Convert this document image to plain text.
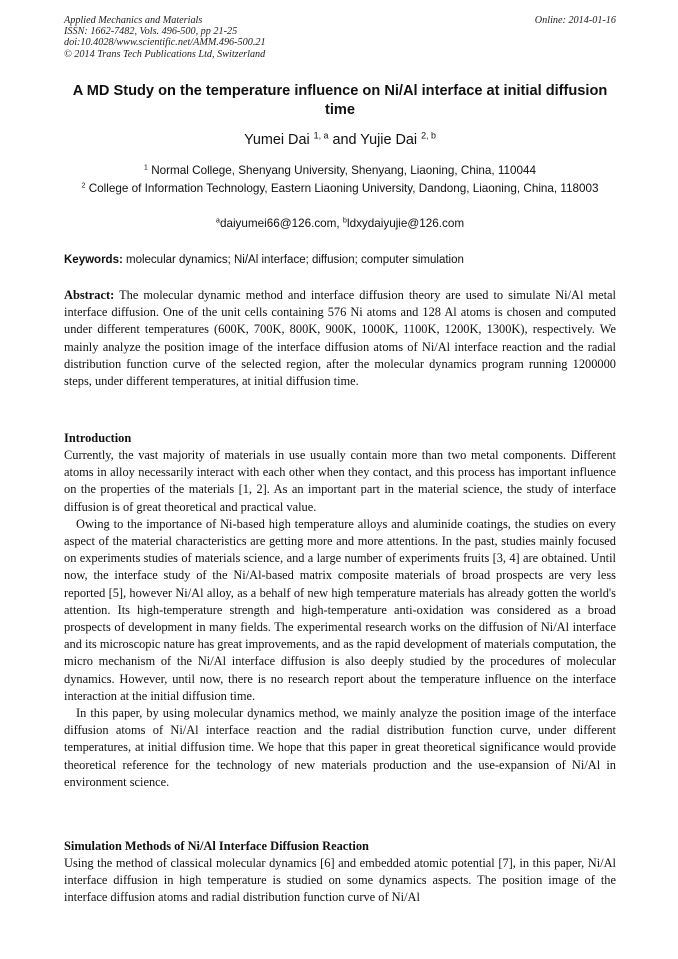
Applied Mechanics and Materials
ISSN: 1662-7482, Vols. 496-500, pp 21-25
doi:10.4028/www.scientific.net/AMM.496-500.21
© 2014 Trans Tech Publications Ltd, Switzerland
Online: 2014-01-16
A MD Study on the temperature influence on Ni/Al interface at initial diffusion time
Yumei Dai $^{1, a}$ and Yujie Dai $^{2, b}$
$^1$ Normal College, Shenyang University, Shenyang, Liaoning, China, 110044
$^2$ College of Information Technology, Eastern Liaoning University, Dandong, Liaoning, China, 118003
$^a$daiyumei66@126.com, $^b$ldxydaiyujie@126.com
Keywords: molecular dynamics; Ni/Al interface; diffusion; computer simulation

Abstract: The molecular dynamic method and interface diffusion theory are used to simulate Ni/Al metal interface diffusion. One of the unit cells containing 576 Ni atoms and 128 Al atoms is chosen and computed under different temperatures (600K, 700K, 800K, 900K, 1000K, 1100K, 1200K, 1300K), respectively. We mainly analyze the position image of the interface diffusion atoms of Ni/Al interface reaction and the radial distribution function curve of the selected region, after the molecular dynamics program running 1200000 steps, under different temperatures, at initial diffusion time.

Introduction

Currently, the vast majority of materials in use usually contain more than two metal components. Different atoms in alloy necessarily interact with each other when they contact, and this process has important influence on the properties of the materials [1, 2]. As an important part in the material science, the study of interface diffusion is of great theoretical and practical value.

Owing to the importance of Ni-based high temperature alloys and aluminide coatings, the studies on every aspect of the material characteristics are getting more and more attentions. In the past, studies mainly focused on experiments studies of materials science, and a large number of experiments fruits [3, 4] are obtained. Until now, the interface study of the Ni/Al-based matrix composite materials of broad prospects are very less reported [5], however Ni/Al alloy, as a behalf of new high temperature materials has already gotten the world's attention. Its high-temperature strength and high-temperature anti-oxidation was considered as a broad prospects of development in many fields. The experimental research works on the diffusion of Ni/Al interface and its microscopic nature has great improvements, and as the rapid development of materials computation, the micro mechanism of the Ni/Al interface diffusion is also deeply studied by the procedures of molecular dynamics. However, until now, there is no research report about the temperature influence on the interface interaction at the initial diffusion time.

In this paper, by using molecular dynamics method, we mainly analyze the position image of the interface diffusion atoms of Ni/Al interface reaction and the radial distribution function curve, under different temperatures, at initial diffusion time. We hope that this paper in great theoretical significance would provide theoretical reference for the technology of new materials production and the use-expansion of Ni/Al in environment science.

Simulation Methods of Ni/Al Interface Diffusion Reaction

Using the method of classical molecular dynamics [6] and embedded atomic potential [7], in this paper, Ni/Al interface diffusion in high temperature is studied on some dynamics aspects. The position image of the interface diffusion atoms and radial distribution function curve of Ni/Al
